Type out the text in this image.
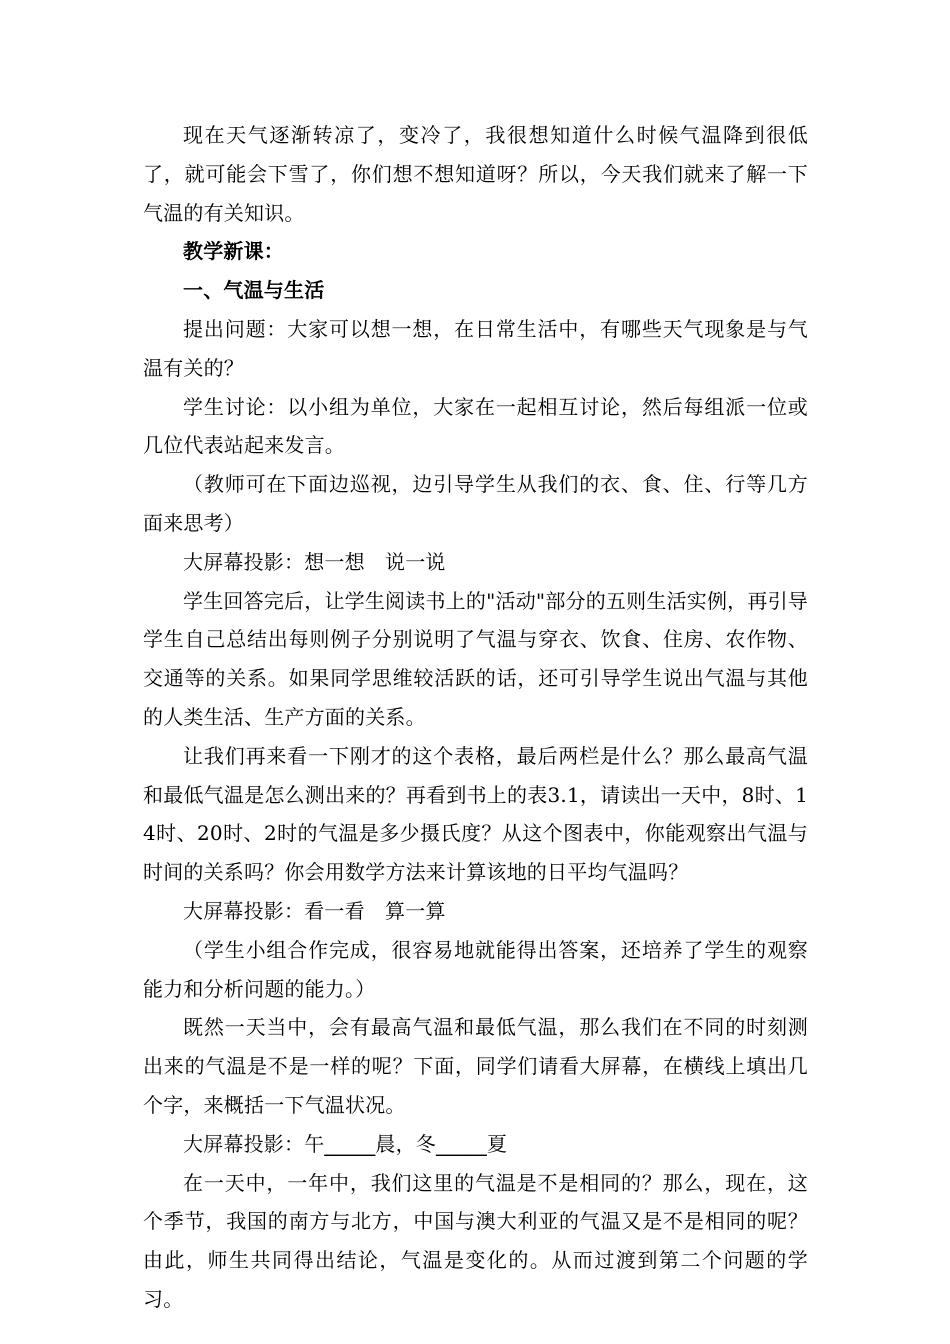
现在天气逐渐转凉了，变冷了，我很想知道什么时候气温降到很低了，就可能会下雪了，你们想不想知道呀？所以，今天我们就来了解一下气温的有关知识。

教学新课：

一、气温与生活

提出问题：大家可以想一想，在日常生活中，有哪些天气现象是与气温有关的？

学生讨论：以小组为单位，大家在一起相互讨论，然后每组派一位或几位代表站起来发言。

（教师可在下面边巡视，边引导学生从我们的衣、食、住、行等几方面来思考）

大屏幕投影：想一想　说一说

学生回答完后，让学生阅读书上的"活动"部分的五则生活实例，再引导学生自己总结出每则例子分别说明了气温与穿衣、饮食、住房、农作物、交通等的关系。如果同学思维较活跃的话，还可引导学生说出气温与其他的人类生活、生产方面的关系。

让我们再来看一下刚才的这个表格，最后两栏是什么？那么最高气温和最低气温是怎么测出来的？再看到书上的表3.1，请读出一天中，8时、14时、20时、2时的气温是多少摄氏度？从这个图表中，你能观察出气温与时间的关系吗？你会用数学方法来计算该地的日平均气温吗？

大屏幕投影：看一看　算一算

（学生小组合作完成，很容易地就能得出答案，还培养了学生的观察能力和分析问题的能力。）

既然一天当中，会有最高气温和最低气温，那么我们在不同的时刻测出来的气温是不是一样的呢？下面，同学们请看大屏幕，在横线上填出几个字，来概括一下气温状况。

大屏幕投影：午_____晨，冬_____夏

在一天中，一年中，我们这里的气温是不是相同的？那么，现在，这个季节，我国的南方与北方，中国与澳大利亚的气温又是不是相同的呢？由此，师生共同得出结论，气温是变化的。从而过渡到第二个问题的学习。
